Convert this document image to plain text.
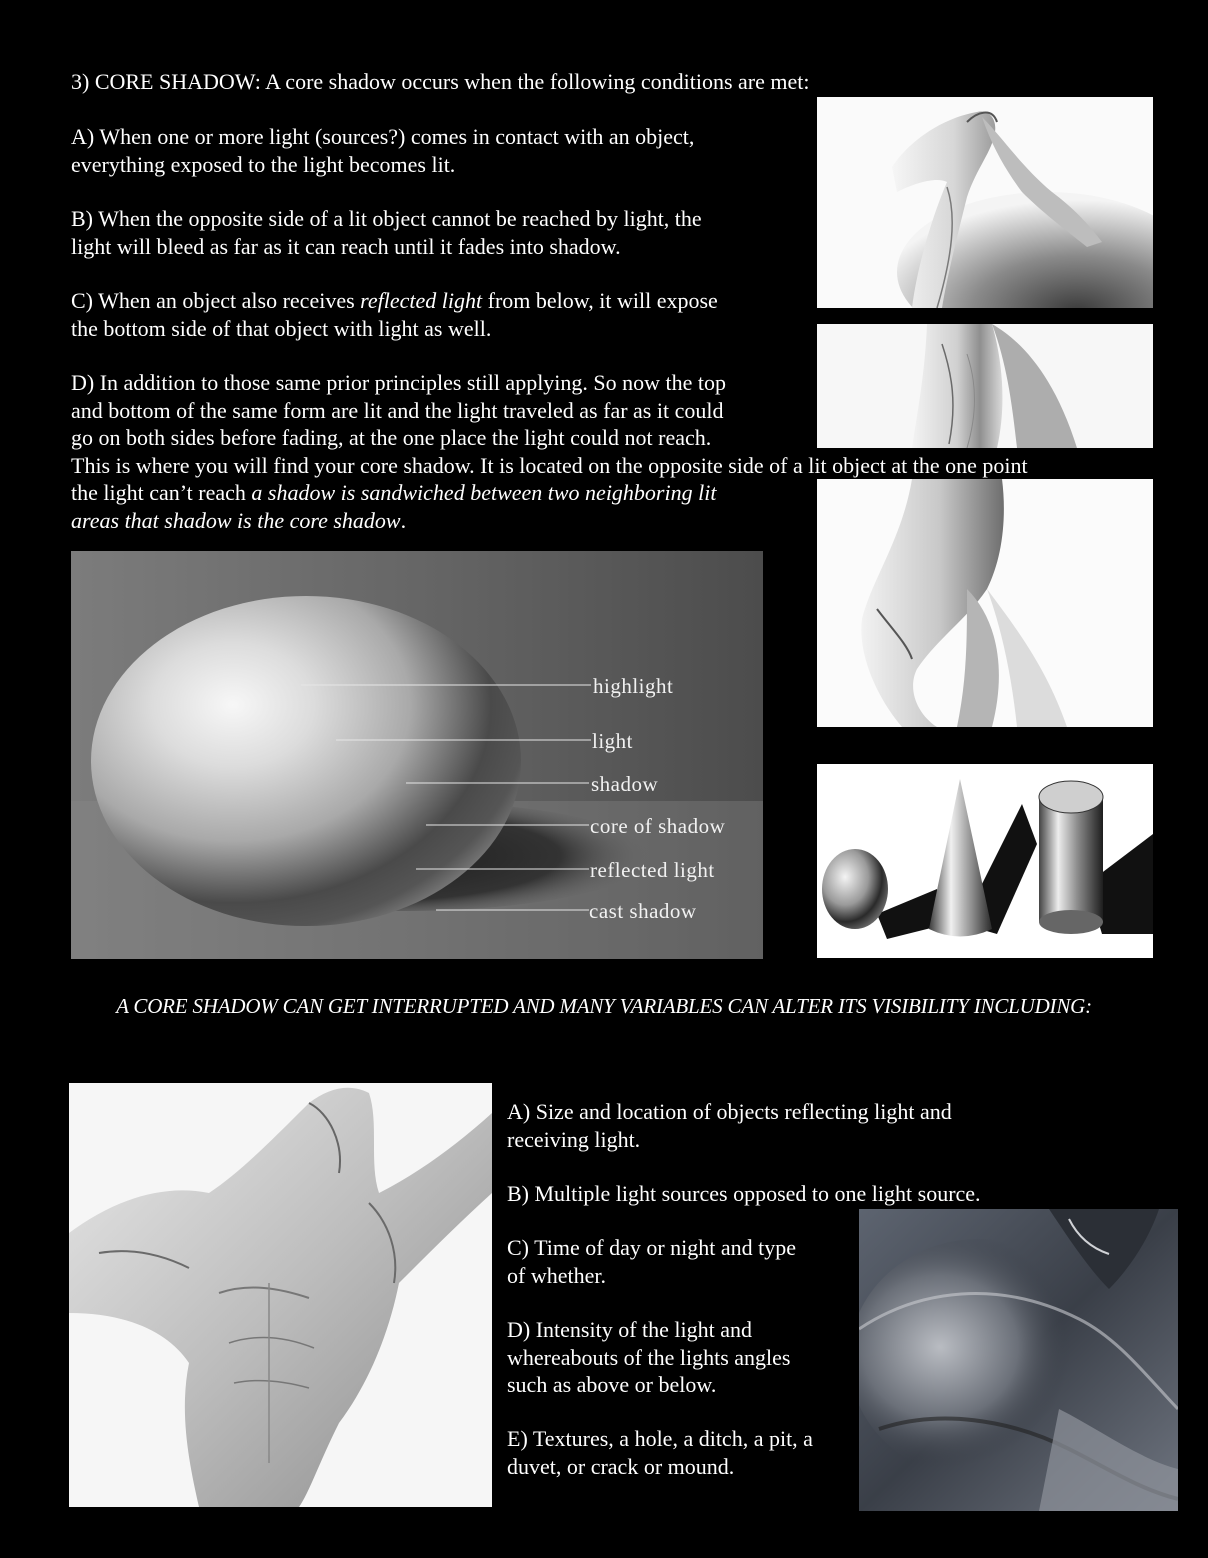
3) CORE SHADOW: A core shadow occurs when the following conditions are met:
A) When one or more light (sources?) comes in contact with an object,
everything exposed to the light becomes lit.
B) When the opposite side of a lit object cannot be reached by light, the
light will bleed as far as it can reach until it fades into shadow.
C) When an object also receives reflected light from below, it will expose
the bottom side of that object with light as well.
D) In addition to those same prior principles still applying. So now the top
and bottom of the same form are lit and the light traveled as far as it could
go on both sides before fading, at the one place the light could not reach.
This is where you will find your core shadow. It is located on the opposite side of a lit object at the one point
the light can’t reach a shadow is sandwiched between two neighboring lit
areas that shadow is the core shadow.
highlight
light
shadow
core of shadow
reflected light
cast shadow
A CORE SHADOW CAN GET INTERRUPTED AND MANY VARIABLES CAN ALTER ITS VISIBILITY INCLUDING:
A) Size and location of objects reflecting light and
receiving light.
B) Multiple light sources opposed to one light source.
C) Time of day or night and type
of whether.
D) Intensity of the light and
whereabouts of the lights angles
such as above or below.
E) Textures, a hole, a ditch, a pit, a
duvet, or crack or mound.
